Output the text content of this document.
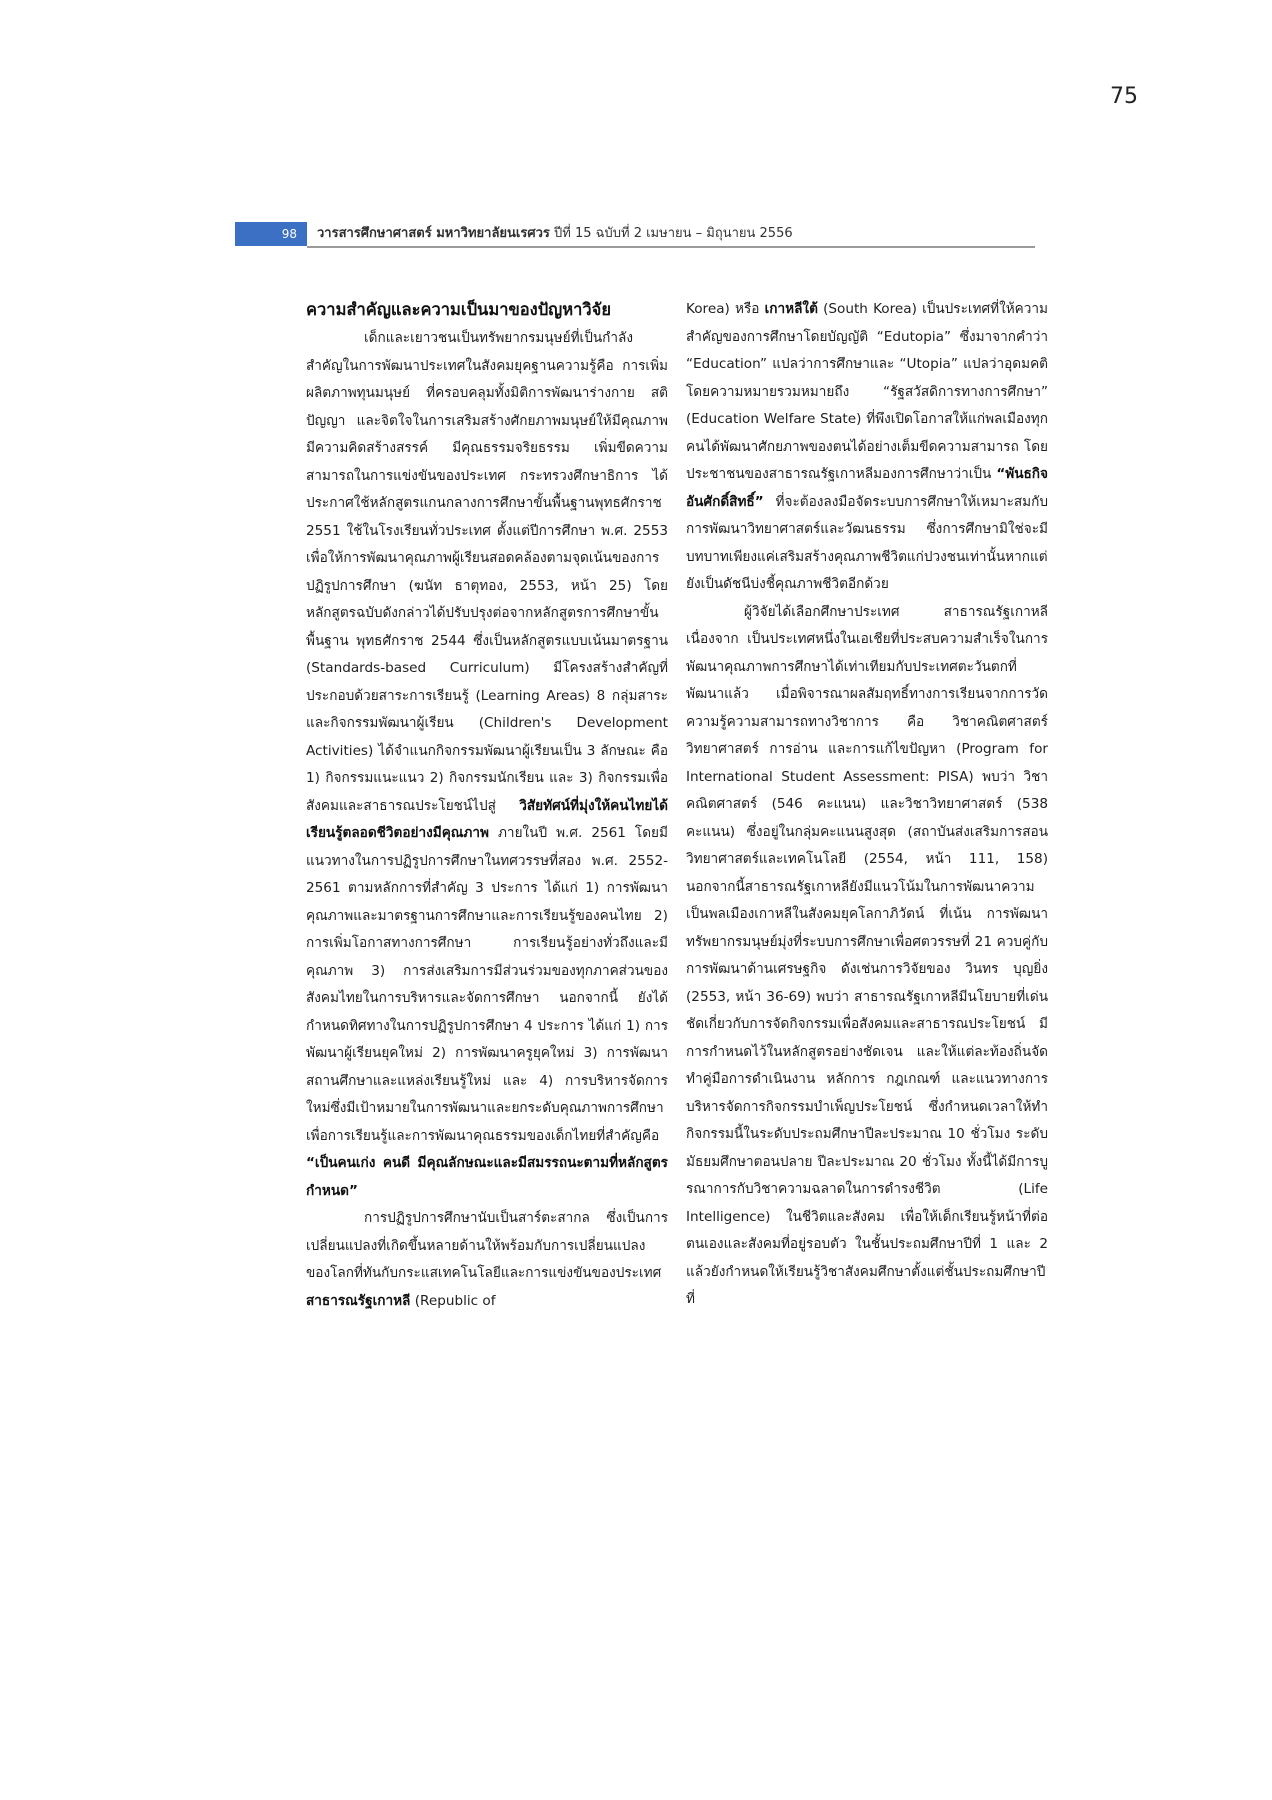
75
98	วารสารศึกษาศาสตร์ มหาวิทยาลัยนเรศวร ปีที่ 15 ฉบับที่ 2 เมษายน – มิถุนายน 2556
ความสำคัญและความเป็นมาของปัญหาวิจัย

เด็กและเยาวชนเป็นทรัพยากรมนุษย์ที่เป็นกำลังสำคัญในการพัฒนาประเทศในสังคมยุคฐานความรู้คือ การเพิ่มผลิตภาพทุนมนุษย์ ที่ครอบคลุมทั้งมิติการพัฒนาร่างกาย สติปัญญา และจิตใจในการเสริมสร้างศักยภาพมนุษย์ให้มีคุณภาพ มีความคิดสร้างสรรค์ มีคุณธรรมจริยธรรม เพิ่มขีดความสามารถในการแข่งขันของประเทศ กระทรวงศึกษาธิการ ได้ประกาศใช้หลักสูตรแกนกลางการศึกษาขั้นพื้นฐานพุทธศักราช 2551 ใช้ในโรงเรียนทั่วประเทศ ตั้งแต่ปีการศึกษา พ.ศ. 2553 เพื่อให้การพัฒนาคุณภาพผู้เรียนสอดคล้องตามจุดเน้นของการปฏิรูปการศึกษา (ฆนัท ธาตุทอง, 2553, หน้า 25) โดยหลักสูตรฉบับดังกล่าวได้ปรับปรุงต่อจากหลักสูตรการศึกษาขั้นพื้นฐาน พุทธศักราช 2544 ซึ่งเป็นหลักสูตรแบบเน้นมาตรฐาน (Standards-based Curriculum) มีโครงสร้างสำคัญที่ประกอบด้วยสาระการเรียนรู้ (Learning Areas) 8 กลุ่มสาระและกิจกรรมพัฒนาผู้เรียน (Children's Development Activities) ได้จำแนกกิจกรรมพัฒนาผู้เรียนเป็น 3 ลักษณะ คือ 1) กิจกรรมแนะแนว 2) กิจกรรมนักเรียน และ 3) กิจกรรมเพื่อสังคมและสาธารณประโยชน์ไปสู่ วิสัยทัศน์ที่มุ่งให้คนไทยได้เรียนรู้ตลอดชีวิตอย่างมีคุณภาพ ภายในปี พ.ศ. 2561 โดยมีแนวทางในการปฏิรูปการศึกษาในทศวรรษที่สอง พ.ศ. 2552-2561 ตามหลักการที่สำคัญ 3 ประการ ได้แก่ 1) การพัฒนาคุณภาพและมาตรฐานการศึกษาและการเรียนรู้ของคนไทย 2) การเพิ่มโอกาสทางการศึกษา การเรียนรู้อย่างทั่วถึงและมีคุณภาพ 3) การส่งเสริมการมีส่วนร่วมของทุกภาคส่วนของสังคมไทยในการบริหารและจัดการศึกษา นอกจากนี้ ยังได้กำหนดทิศทางในการปฏิรูปการศึกษา 4 ประการ ได้แก่ 1) การพัฒนาผู้เรียนยุคใหม่ 2) การพัฒนาครูยุคใหม่ 3) การพัฒนาสถานศึกษาและแหล่งเรียนรู้ใหม่ และ 4) การบริหารจัดการใหม่ซึ่งมีเป้าหมายในการพัฒนาและยกระดับคุณภาพการศึกษาเพื่อการเรียนรู้และการพัฒนาคุณธรรมของเด็กไทยที่สำคัญคือ “เป็นคนเก่ง คนดี มีคุณลักษณะและมีสมรรถนะตามที่หลักสูตรกำหนด”

การปฏิรูปการศึกษานับเป็นสาร์ตะสากล ซึ่งเป็นการเปลี่ยนแปลงที่เกิดขึ้นหลายด้านให้พร้อมกับการเปลี่ยนแปลงของโลกที่ทันกับกระแสเทคโนโลยีและการแข่งขันของประเทศ สาธารณรัฐเกาหลี (Republic of

Korea) หรือ เกาหลีใต้ (South Korea) เป็นประเทศที่ให้ความสำคัญของการศึกษาโดยบัญญัติ “Edutopia” ซึ่งมาจากคำว่า “Education” แปลว่าการศึกษาและ “Utopia” แปลว่าอุดมคติ โดยความหมายรวมหมายถึง “รัฐสวัสดิการทางการศึกษา” (Education Welfare State) ที่พึงเปิดโอกาสให้แก่พลเมืองทุกคนได้พัฒนาศักยภาพของตนได้อย่างเต็มขีดความสามารถ โดยประชาชนของสาธารณรัฐเกาหลีมองการศึกษาว่าเป็น “พันธกิจอันศักดิ์สิทธิ์” ที่จะต้องลงมือจัดระบบการศึกษาให้เหมาะสมกับการพัฒนาวิทยาศาสตร์และวัฒนธรรม ซึ่งการศึกษามิใช่จะมีบทบาทเพียงแค่เสริมสร้างคุณภาพชีวิตแก่ปวงชนเท่านั้นหากแต่ยังเป็นดัชนีบ่งชี้คุณภาพชีวิตอีกด้วย

ผู้วิจัยได้เลือกศึกษาประเทศ สาธารณรัฐเกาหลี เนื่องจาก เป็นประเทศหนึ่งในเอเชียที่ประสบความสำเร็จในการพัฒนาคุณภาพการศึกษาได้เท่าเทียมกับประเทศตะวันตกที่พัฒนาแล้ว เมื่อพิจารณาผลสัมฤทธิ์ทางการเรียนจากการวัดความรู้ความสามารถทางวิชาการ คือ วิชาคณิตศาสตร์ วิทยาศาสตร์ การอ่าน และการแก้ไขปัญหา (Program for International Student Assessment: PISA) พบว่า วิชาคณิตศาสตร์ (546 คะแนน) และวิชาวิทยาศาสตร์ (538 คะแนน) ซึ่งอยู่ในกลุ่มคะแนนสูงสุด (สถาบันส่งเสริมการสอนวิทยาศาสตร์และเทคโนโลยี (2554, หน้า 111, 158) นอกจากนี้สาธารณรัฐเกาหลียังมีแนวโน้มในการพัฒนาความเป็นพลเมืองเกาหลีในสังคมยุคโลกาภิวัตน์ ที่เน้น การพัฒนาทรัพยากรมนุษย์มุ่งที่ระบบการศึกษาเพื่อศตวรรษที่ 21 ควบคู่กับการพัฒนาด้านเศรษฐกิจ ดังเช่นการวิจัยของ วินทร บุญยิ่ง (2553, หน้า 36-69) พบว่า สาธารณรัฐเกาหลีมีนโยบายที่เด่นชัดเกี่ยวกับการจัดกิจกรรมเพื่อสังคมและสาธารณประโยชน์ มีการกำหนดไว้ในหลักสูตรอย่างชัดเจน และให้แต่ละท้องถิ่นจัดทำคู่มือการดำเนินงาน หลักการ กฎเกณฑ์ และแนวทางการบริหารจัดการกิจกรรมบำเพ็ญประโยชน์ ซึ่งกำหนดเวลาให้ทำกิจกรรมนี้ในระดับประถมศึกษาปีละประมาณ 10 ชั่วโมง ระดับมัธยมศึกษาตอนปลาย ปีละประมาณ 20 ชั่วโมง ทั้งนี้ได้มีการบูรณาการกับวิชาความฉลาดในการดำรงชีวิต (Life Intelligence) ในชีวิตและสังคม เพื่อให้เด็กเรียนรู้หน้าที่ต่อตนเองและสังคมที่อยู่รอบตัว ในชั้นประถมศึกษาปีที่ 1 และ 2 แล้วยังกำหนดให้เรียนรู้วิชาสังคมศึกษาตั้งแต่ชั้นประถมศึกษาปีที่
